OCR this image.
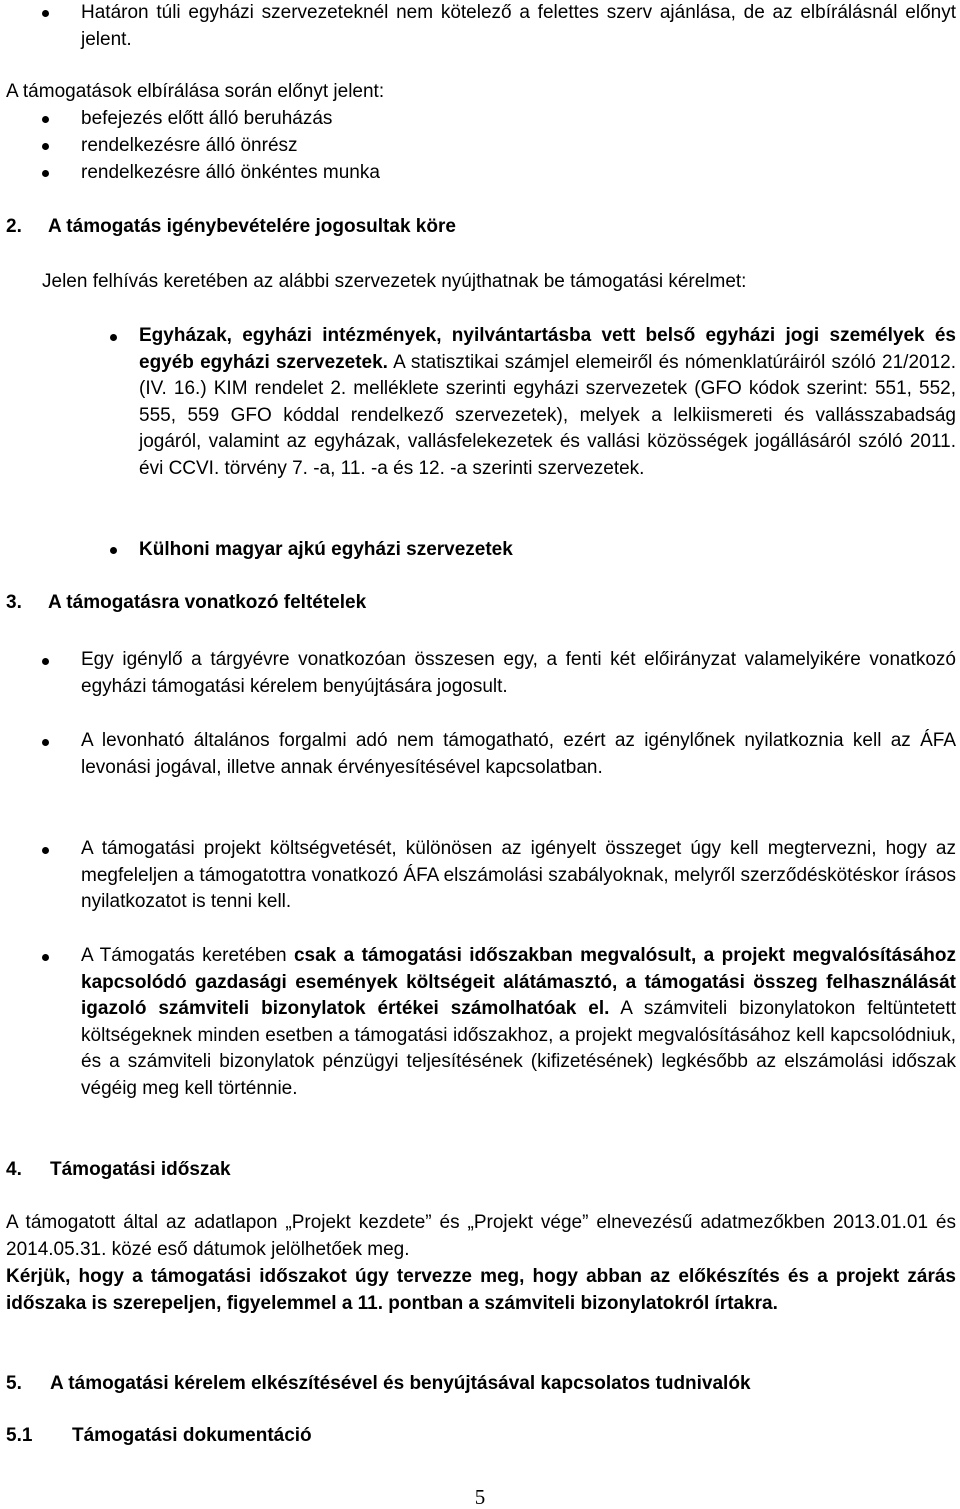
Határon túli egyházi szervezeteknél nem kötelező a felettes szerv ajánlása, de az elbírálásnál előnyt jelent.

A támogatások elbírálása során előnyt jelent:

befejezés előtt álló beruházás

rendelkezésre álló önrész

rendelkezésre álló önkéntes munka

2. A támogatás igénybevételére jogosultak köre

Jelen felhívás keretében az alábbi szervezetek nyújthatnak be támogatási kérelmet:

Egyházak, egyházi intézmények, nyilvántartásba vett belső egyházi jogi személyek és egyéb egyházi szervezetek. A statisztikai számjel elemeiről és nómenklatúráiról szóló 21/2012. (IV. 16.) KIM rendelet 2. melléklete szerinti egyházi szervezetek (GFO kódok szerint: 551, 552, 555, 559 GFO kóddal rendelkező szervezetek), melyek a lelkiismereti és vallásszabadság jogáról, valamint az egyházak, vallásfelekezetek és vallási közösségek jogállásáról szóló 2011. évi CCVI. törvény 7. -a, 11. -a és 12. -a szerinti szervezetek.

Külhoni magyar ajkú egyházi szervezetek

3. A támogatásra vonatkozó feltételek

Egy igénylő a tárgyévre vonatkozóan összesen egy, a fenti két előirányzat valamelyikére vonatkozó egyházi támogatási kérelem benyújtására jogosult.

A levonható általános forgalmi adó nem támogatható, ezért az igénylőnek nyilatkoznia kell az ÁFA levonási jogával, illetve annak érvényesítésével kapcsolatban.

A támogatási projekt költségvetését, különösen az igényelt összeget úgy kell megtervezni, hogy az megfeleljen a támogatottra vonatkozó ÁFA elszámolási szabályoknak, melyről szerződéskötéskor írásos nyilatkozatot is tenni kell.

A Támogatás keretében csak a támogatási időszakban megvalósult, a projekt megvalósításához kapcsolódó gazdasági események költségeit alátámasztó, a támogatási összeg felhasználását igazoló számviteli bizonylatok értékei számolhatóak el. A számviteli bizonylatokon feltüntetett költségeknek minden esetben a támogatási időszakhoz, a projekt megvalósításához kell kapcsolódniuk, és a számviteli bizonylatok pénzügyi teljesítésének (kifizetésének) legkésőbb az elszámolási időszak végéig meg kell történnie.

4. Támogatási időszak

A támogatott által az adatlapon „Projekt kezdete” és „Projekt vége” elnevezésű adatmezőkben 2013.01.01 és 2014.05.31. közé eső dátumok jelölhetőek meg.

Kérjük, hogy a támogatási időszakot úgy tervezze meg, hogy abban az előkészítés és a projekt zárás időszaka is szerepeljen, figyelemmel a 11. pontban a számviteli bizonylatokról írtakra.

5. A támogatási kérelem elkészítésével és benyújtásával kapcsolatos tudnivalók

5.1 Támogatási dokumentáció

5
